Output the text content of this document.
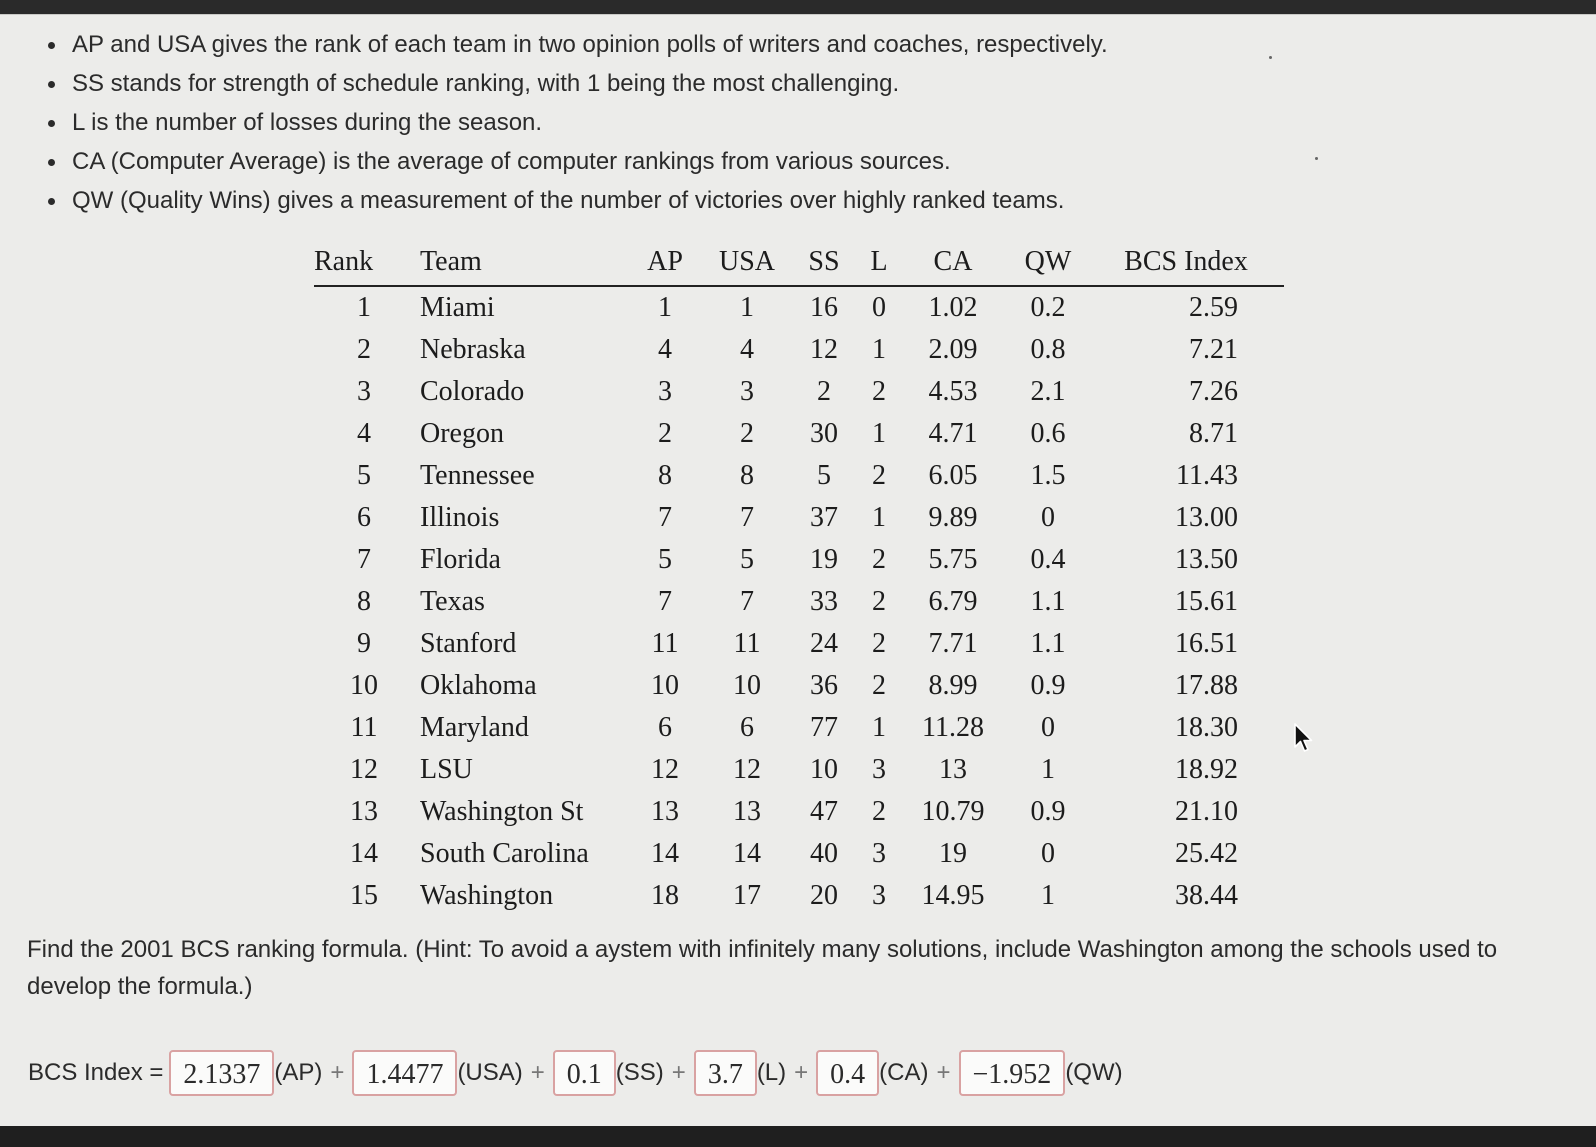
AP and USA gives the rank of each team in two opinion polls of writers and coaches, respectively.
SS stands for strength of schedule ranking, with 1 being the most challenging.
L is the number of losses during the season.
CA (Computer Average) is the average of computer rankings from various sources.
QW (Quality Wins) gives a measurement of the number of victories over highly ranked teams.
Rank	Team	AP	USA	SS	L	CA	QW	BCS Index
1	Miami	1	1	16	0	1.02	0.2	2.59
2	Nebraska	4	4	12	1	2.09	0.8	7.21
3	Colorado	3	3	2	2	4.53	2.1	7.26
4	Oregon	2	2	30	1	4.71	0.6	8.71
5	Tennessee	8	8	5	2	6.05	1.5	11.43
6	Illinois	7	7	37	1	9.89	0	13.00
7	Florida	5	5	19	2	5.75	0.4	13.50
8	Texas	7	7	33	2	6.79	1.1	15.61
9	Stanford	11	11	24	2	7.71	1.1	16.51
10	Oklahoma	10	10	36	2	8.99	0.9	17.88
11	Maryland	6	6	77	1	11.28	0	18.30
12	LSU	12	12	10	3	13	1	18.92
13	Washington St	13	13	47	2	10.79	0.9	21.10
14	South Carolina	14	14	40	3	19	0	25.42
15	Washington	18	17	20	3	14.95	1	38.44

Find the 2001 BCS ranking formula. (Hint: To avoid a aystem with infinitely many solutions, include Washington among the schools used to develop the formula.)

BCS Index = 2.1337 (AP) + 1.4477 (USA) + 0.1 (SS) + 3.7 (L) + 0.4 (CA) + −1.952 (QW)
